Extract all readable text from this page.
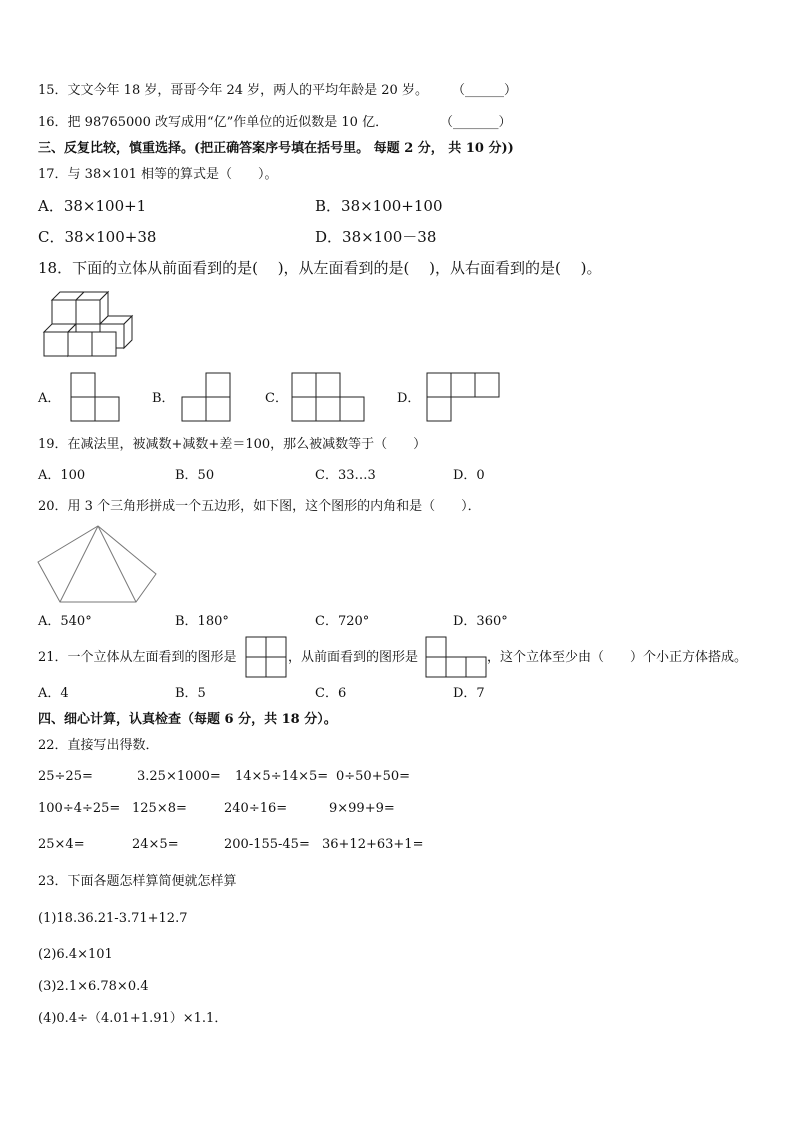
15．文文今年 18 岁，哥哥今年 24 岁，两人的平均年龄是 20 岁。 （______）
16．把 98765000 改写成用“亿”作单位的近似数是 10 亿．	（_______）
三、反复比较，慎重选择。(把正确答案序号填在括号里。 每题 2 分， 共 10 分))
17．与 38×101 相等的算式是（　　）。
A．38×100+1	B．38×100+100
C．38×100+38	D．38×100－38
18．下面的立体从前面看到的是(　 )，从左面看到的是(　 )，从右面看到的是(　 )。
A．	B．	C．	D．
19．在减法里，被减数+减数+差＝100，那么被减数等于（　　）
A．100	B．50	C．33…3	D．0
20．用 3 个三角形拼成一个五边形，如下图，这个图形的内角和是（　　）．
A．540°	B．180°	C．720°	D．360°
21．一个立体从左面看到的图形是	，从前面看到的图形是	，这个立体至少由（　　）个小正方体搭成。
A．4	B．5	C．6	D．7
四、细心计算，认真检查（每题 6 分，共 18 分）。
22．直接写出得数．
25÷25=	3.25×1000= 14×5÷14×5= 0÷50+50=
100÷4÷25= 125×8=	240÷16=	9×99+9=
25×4=	24×5=	200-155-45= 36+12+63+1=
23．下面各题怎样算简便就怎样算
(1)18.36.21-3.71+12.7
(2)6.4×101
(3)2.1×6.78×0.4
(4)0.4÷（4.01+1.91）×1.1．
